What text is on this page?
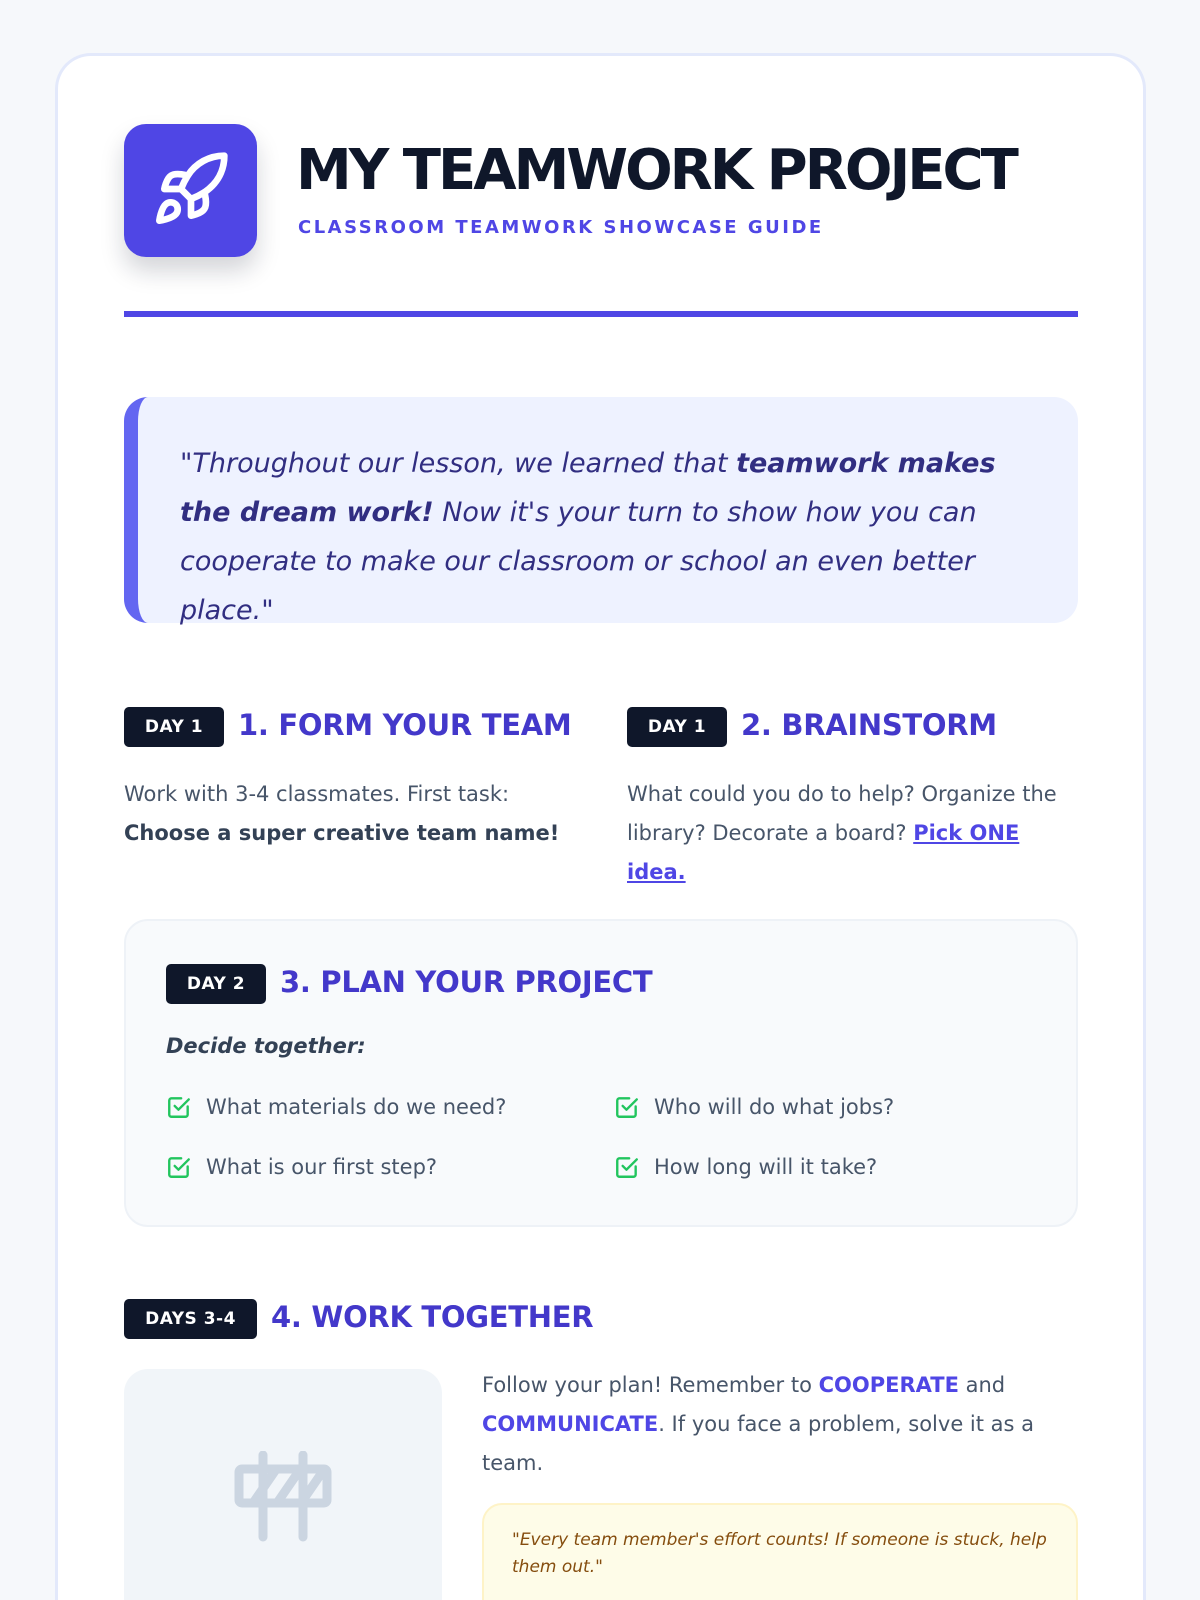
MY TEAMWORK PROJECT
CLASSROOM TEAMWORK SHOWCASE GUIDE
"Throughout our lesson, we learned that teamwork makes the dream work! Now it's your turn to show how you can cooperate to make our classroom or school an even better place."
DAY 1	1. FORM YOUR TEAM

Work with 3-4 classmates. First task: Choose a super creative team name!

DAY 1	2. BRAINSTORM

What could you do to help? Organize the library? Decorate a board? Pick ONE idea.

DAY 2	3. PLAN YOUR PROJECT
Decide together:
What materials do we need?	Who will do what jobs?
What is our first step?	How long will it take?
DAYS 3-4	4. WORK TOGETHER

Follow your plan! Remember to COOPERATE and COMMUNICATE. If you face a problem, solve it as a team.

"Every team member's effort counts! If someone is stuck, help them out."
